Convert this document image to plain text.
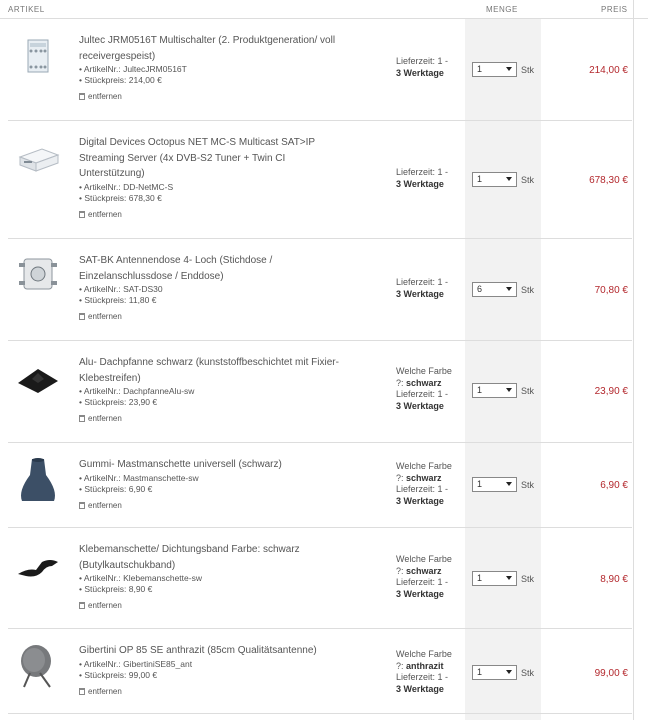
ARTIKEL	MENGE	PREIS

Jultec JRM0516T Multischalter (2. Produktgeneration/ voll
receivergespeist)

• ArtikelNr.: JultecJRM0516T
• Stückpreis: 214,00 €
entfernen
Lieferzeit: 1 -
3 Werktage	1	Stk	214,00 €

Digital Devices Octopus NET MC-S Multicast SAT>IP
Streaming Server (4x DVB-S2 Tuner + Twin CI
Unterstützung)

• ArtikelNr.: DD-NetMC-S
• Stückpreis: 678,30 €
entfernen
Lieferzeit: 1 -
3 Werktage	1	Stk	678,30 €

SAT-BK Antennendose 4- Loch (Stichdose /
Einzelanschlussdose / Enddose)

• ArtikelNr.: SAT-DS30
• Stückpreis: 11,80 €
entfernen
Lieferzeit: 1 -
3 Werktage	6	Stk	70,80 €

Alu- Dachpfanne schwarz (kunststoffbeschichtet mit Fixier-
Klebestreifen)

• ArtikelNr.: DachpfanneAlu-sw
• Stückpreis: 23,90 €
entfernen
Welche Farbe
?: schwarz
Lieferzeit: 1 -
3 Werktage
1	Stk	23,90 €

Gummi- Mastmanschette universell (schwarz)

• ArtikelNr.: Mastmanschette-sw
• Stückpreis: 6,90 €
entfernen
Welche Farbe
?: schwarz
Lieferzeit: 1 -
3 Werktage
1	Stk	6,90 €

Klebemanschette/ Dichtungsband Farbe: schwarz
(Butylkautschukband)

• ArtikelNr.: Klebemanschette-sw
• Stückpreis: 8,90 €
entfernen
Welche Farbe
?: schwarz
Lieferzeit: 1 -
3 Werktage
1	Stk	8,90 €

Gibertini OP 85 SE anthrazit (85cm Qualitätsantenne)

• ArtikelNr.: GibertiniSE85_ant
• Stückpreis: 99,00 €
entfernen
Welche Farbe
?: anthrazit
Lieferzeit: 1 -
3 Werktage
1	Stk	99,00 €
